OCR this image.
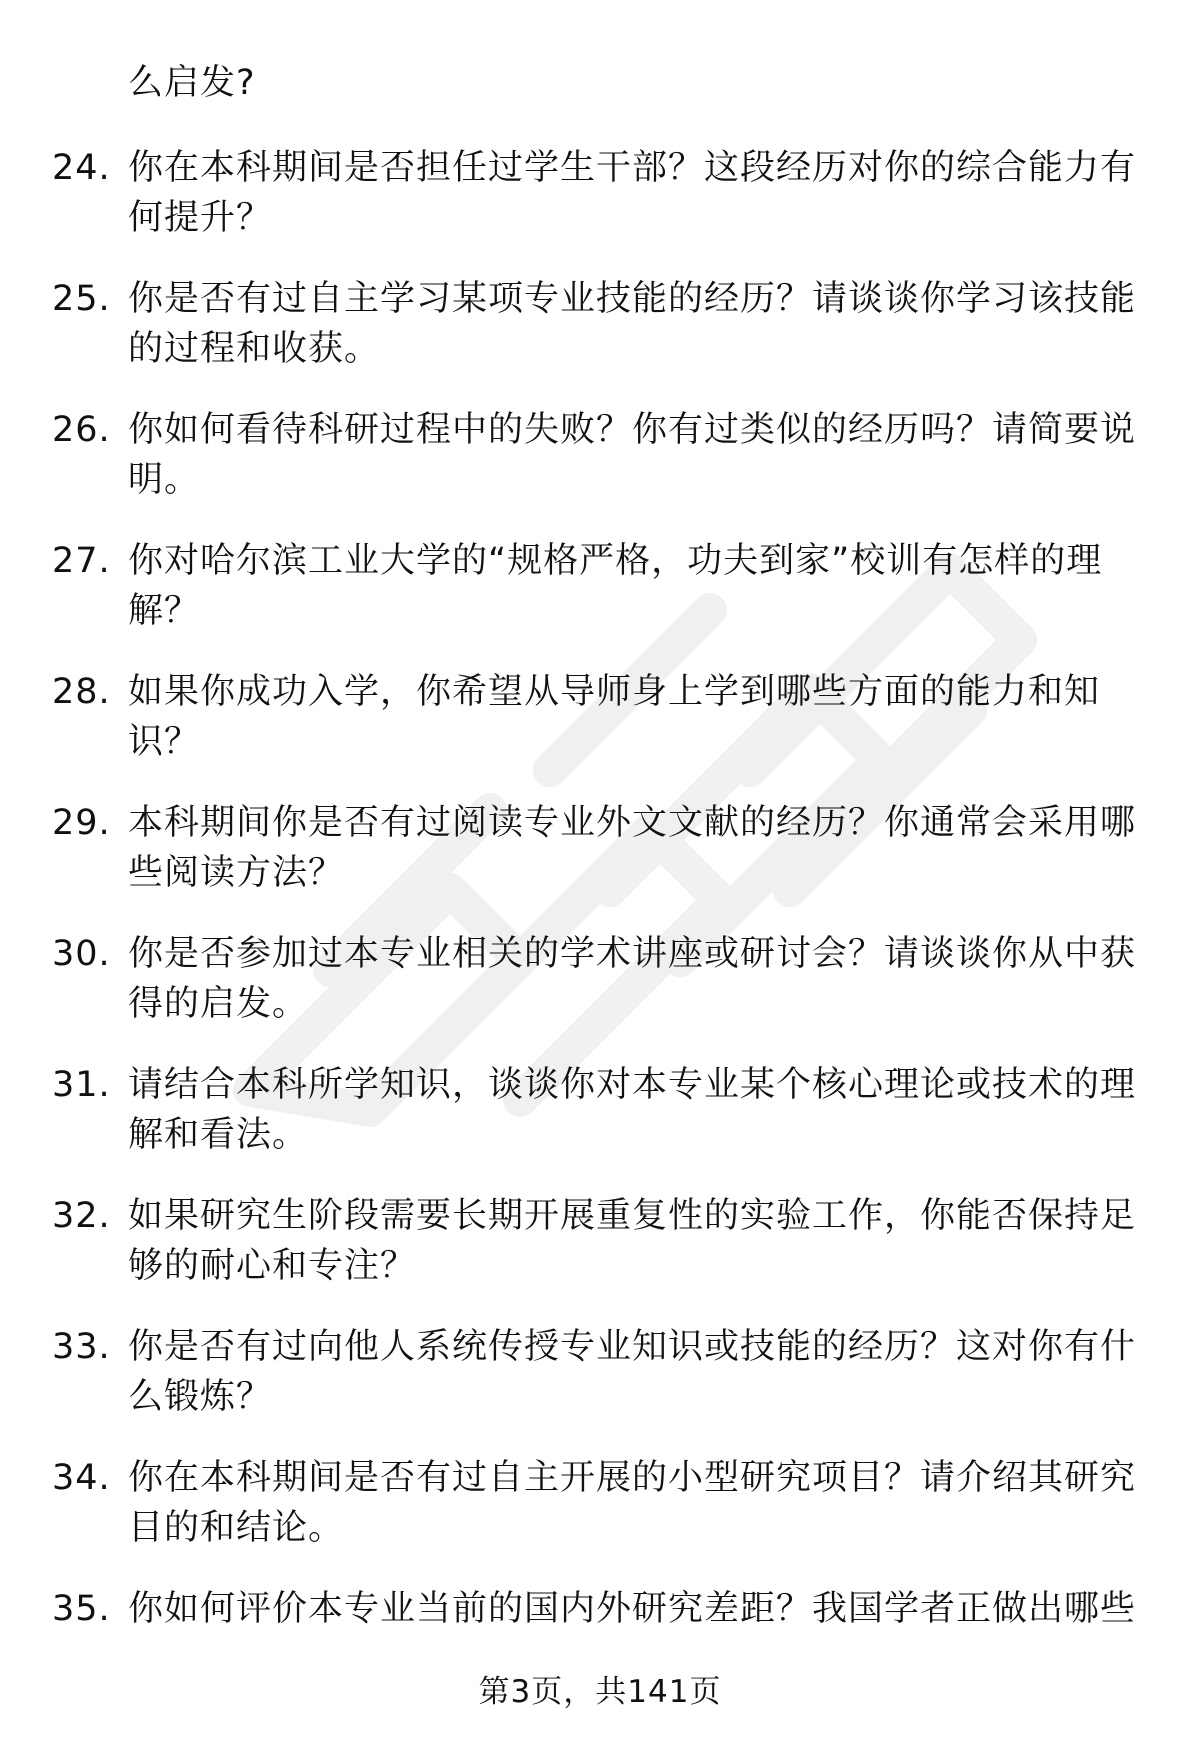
么启发?
24. 你在本科期间是否担任过学生干部？这段经历对你的综合能力有何提升？
25. 你是否有过自主学习某项专业技能的经历？请谈谈你学习该技能的过程和收获。
26. 你如何看待科研过程中的失败？你有过类似的经历吗？请简要说明。
27. 你对哈尔滨工业大学的“规格严格，功夫到家”校训有怎样的理解？
28. 如果你成功入学，你希望从导师身上学到哪些方面的能力和知识？
29. 本科期间你是否有过阅读专业外文文献的经历？你通常会采用哪些阅读方法？
30. 你是否参加过本专业相关的学术讲座或研讨会？请谈谈你从中获得的启发。
31. 请结合本科所学知识，谈谈你对本专业某个核心理论或技术的理解和看法。
32. 如果研究生阶段需要长期开展重复性的实验工作，你能否保持足够的耐心和专注？
33. 你是否有过向他人系统传授专业知识或技能的经历？这对你有什么锻炼？
34. 你在本科期间是否有过自主开展的小型研究项目？请介绍其研究目的和结论。
35. 你如何评价本专业当前的国内外研究差距？我国学者正做出哪些
第3页，共141页
